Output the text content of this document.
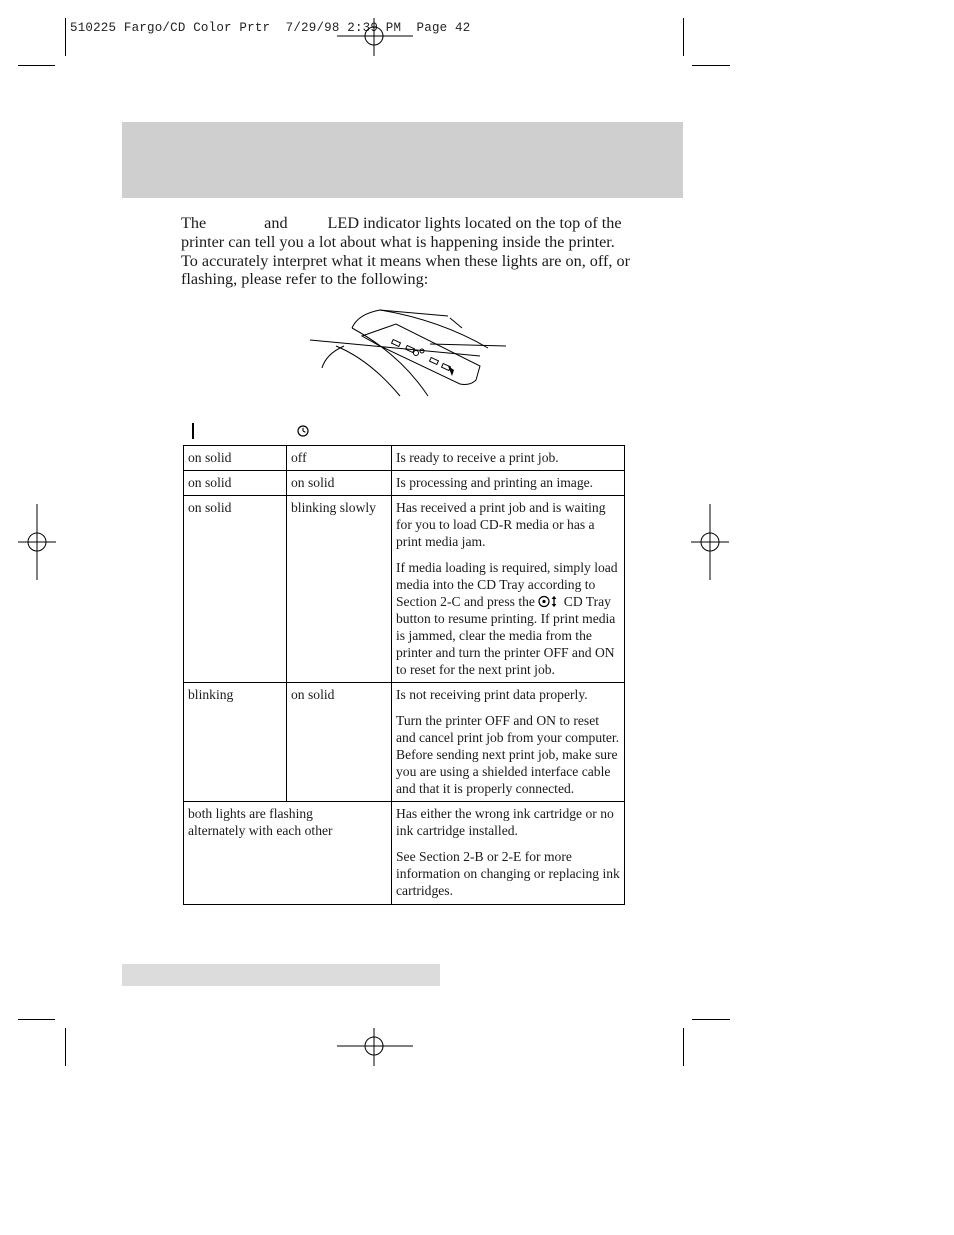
510225 Fargo/CD Color Prtr  7/29/98 2:39 PM  Page 42
The	and LED indicator lights located on the top of the printer can tell you a lot about what is happening inside the printer. To accurately interpret what it means when these lights are on, off, or flashing, please refer to the following:
on solid	off	Is ready to receive a print job.

on solid	on solid	Is processing and printing an image.

on solid	blinking slowly	Has received a print job and is waiting for you to load CD-R media or has a print media jam.

If media loading is required, simply load media into the CD Tray according to Section 2-C and press the CD Tray button to resume printing. If print media is jammed, clear the media from the printer and turn the printer OFF and ON to reset for the next print job.

blinking	on solid	Is not receiving print data properly.

Turn the printer OFF and ON to reset and cancel print job from your computer. Before sending next print job, make sure you are using a shielded interface cable and that it is properly connected.

both lights are flashing alternately with each other		Has either the wrong ink cartridge or no ink cartridge installed.

See Section 2-B or 2-E for more information on changing or replacing ink cartridges.
